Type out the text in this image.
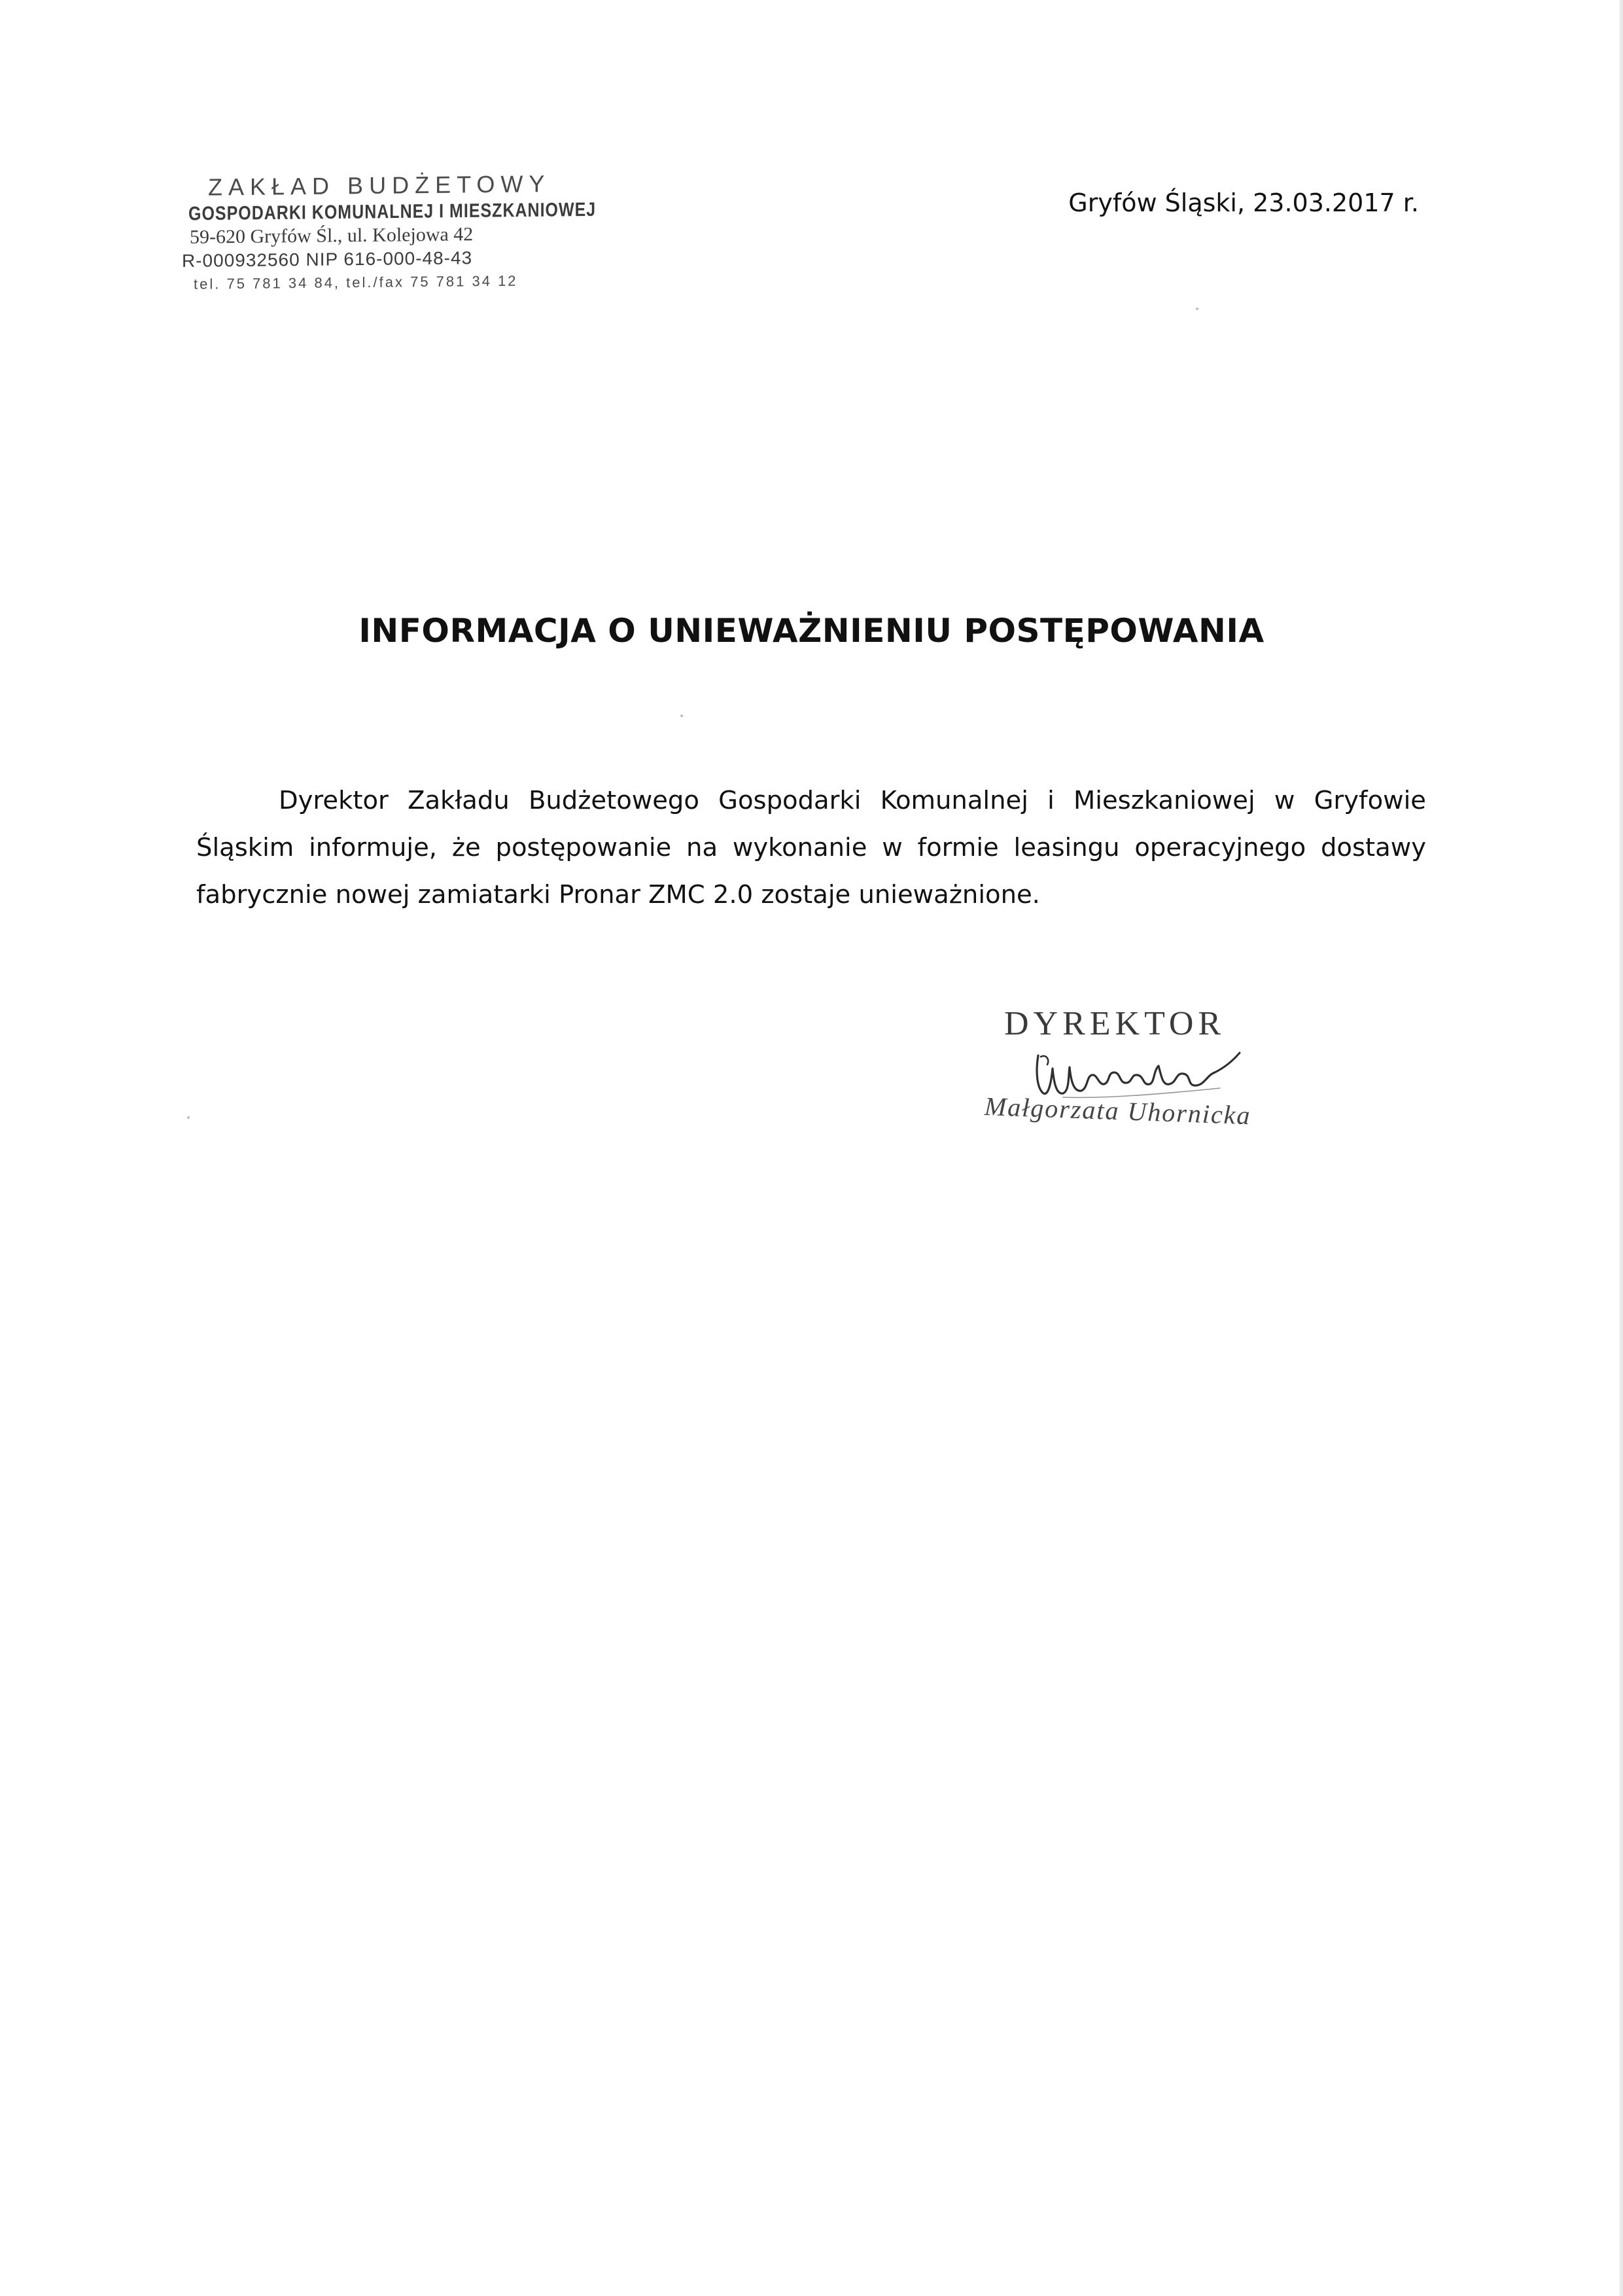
ZAKŁAD BUDŻETOWY
GOSPODARKI KOMUNALNEJ I MIESZKANIOWEJ
59-620 Gryfów Śl., ul. Kolejowa 42
R-000932560 NIP 616-000-48-43
tel. 75 781 34 84, tel./fax 75 781 34 12
Gryfów Śląski, 23.03.2017 r.
INFORMACJA O UNIEWAŻNIENIU POSTĘPOWANIA

Dyrektor Zakładu Budżetowego Gospodarki Komunalnej i Mieszkaniowej w Gryfowie Śląskim informuje, że postępowanie na wykonanie w formie leasingu operacyjnego dostawy fabrycznie nowej zamiatarki Pronar ZMC 2.0 zostaje unieważnione.

DYREKTOR
Małgorzata Uhornicka
